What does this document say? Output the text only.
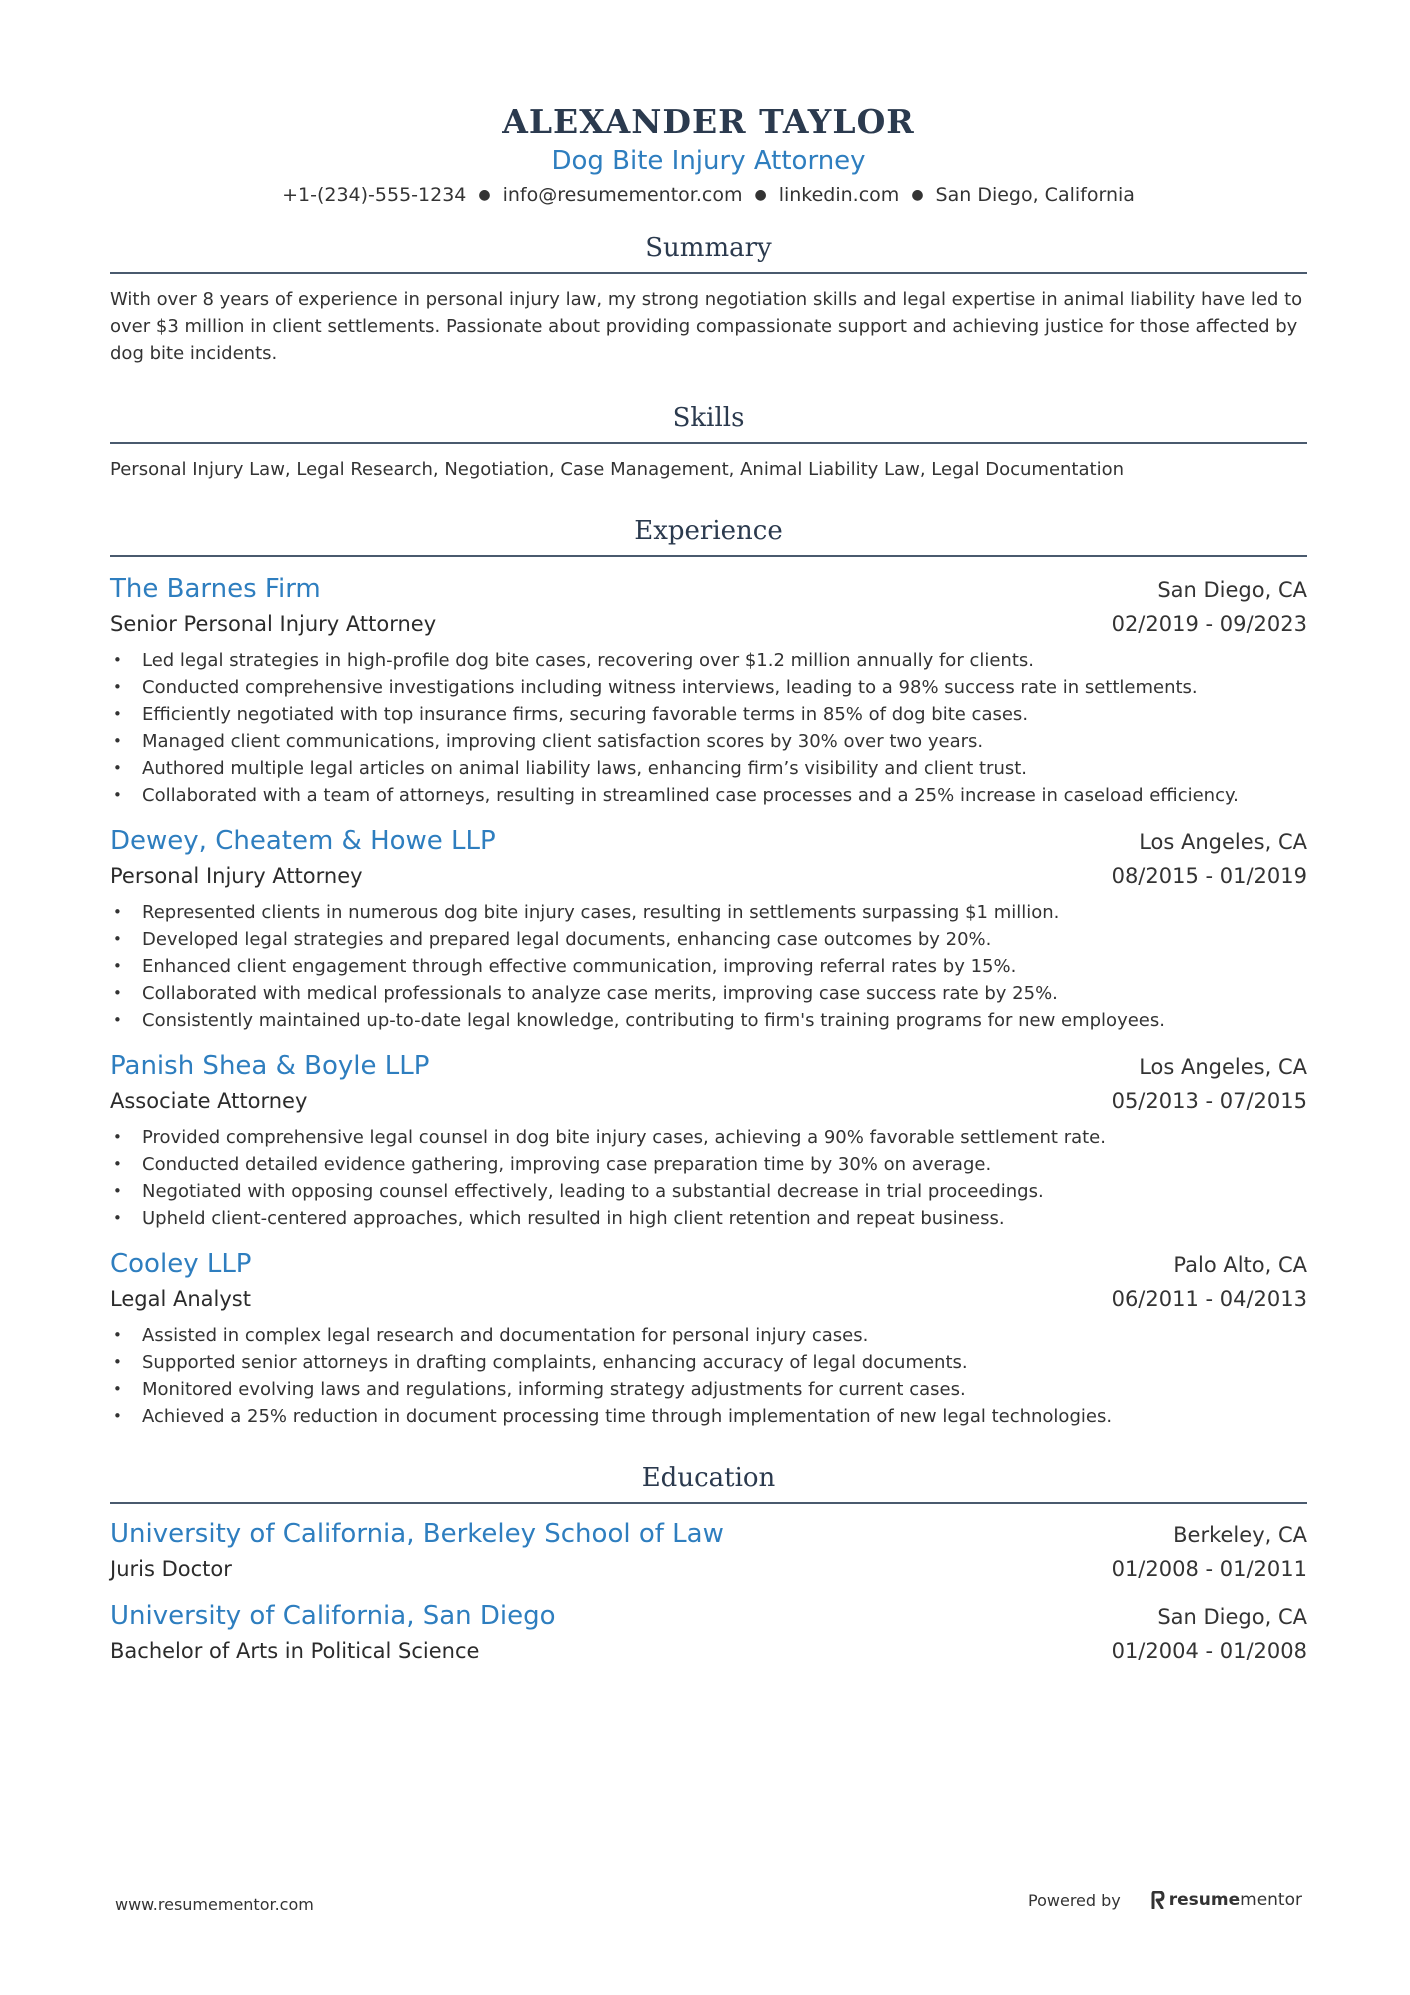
ALEXANDER TAYLOR
Dog Bite Injury Attorney
+1-(234)-555-1234 ● info@resumementor.com ● linkedin.com ● San Diego, California
Summary
With over 8 years of experience in personal injury law, my strong negotiation skills and legal expertise in animal liability have led to over $3 million in client settlements. Passionate about providing compassionate support and achieving justice for those affected by dog bite incidents.
Skills
Personal Injury Law, Legal Research, Negotiation, Case Management, Animal Liability Law, Legal Documentation
Experience
The Barnes Firm	San Diego, CA
Senior Personal Injury Attorney	02/2019 - 09/2023
• Led legal strategies in high-profile dog bite cases, recovering over $1.2 million annually for clients.
• Conducted comprehensive investigations including witness interviews, leading to a 98% success rate in settlements.
• Efficiently negotiated with top insurance firms, securing favorable terms in 85% of dog bite cases.
• Managed client communications, improving client satisfaction scores by 30% over two years.
• Authored multiple legal articles on animal liability laws, enhancing firm’s visibility and client trust.
• Collaborated with a team of attorneys, resulting in streamlined case processes and a 25% increase in caseload efficiency.
Dewey, Cheatem & Howe LLP	Los Angeles, CA
Personal Injury Attorney	08/2015 - 01/2019
• Represented clients in numerous dog bite injury cases, resulting in settlements surpassing $1 million.
• Developed legal strategies and prepared legal documents, enhancing case outcomes by 20%.
• Enhanced client engagement through effective communication, improving referral rates by 15%.
• Collaborated with medical professionals to analyze case merits, improving case success rate by 25%.
• Consistently maintained up-to-date legal knowledge, contributing to firm's training programs for new employees.
Panish Shea & Boyle LLP	Los Angeles, CA
Associate Attorney	05/2013 - 07/2015
• Provided comprehensive legal counsel in dog bite injury cases, achieving a 90% favorable settlement rate.
• Conducted detailed evidence gathering, improving case preparation time by 30% on average.
• Negotiated with opposing counsel effectively, leading to a substantial decrease in trial proceedings.
• Upheld client-centered approaches, which resulted in high client retention and repeat business.
Cooley LLP	Palo Alto, CA
Legal Analyst	06/2011 - 04/2013
• Assisted in complex legal research and documentation for personal injury cases.
• Supported senior attorneys in drafting complaints, enhancing accuracy of legal documents.
• Monitored evolving laws and regulations, informing strategy adjustments for current cases.
• Achieved a 25% reduction in document processing time through implementation of new legal technologies.
Education
University of California, Berkeley School of Law	Berkeley, CA
Juris Doctor	01/2008 - 01/2011
University of California, San Diego	San Diego, CA
Bachelor of Arts in Political Science	01/2004 - 01/2008
www.resumementor.com	Powered by	resumementor
